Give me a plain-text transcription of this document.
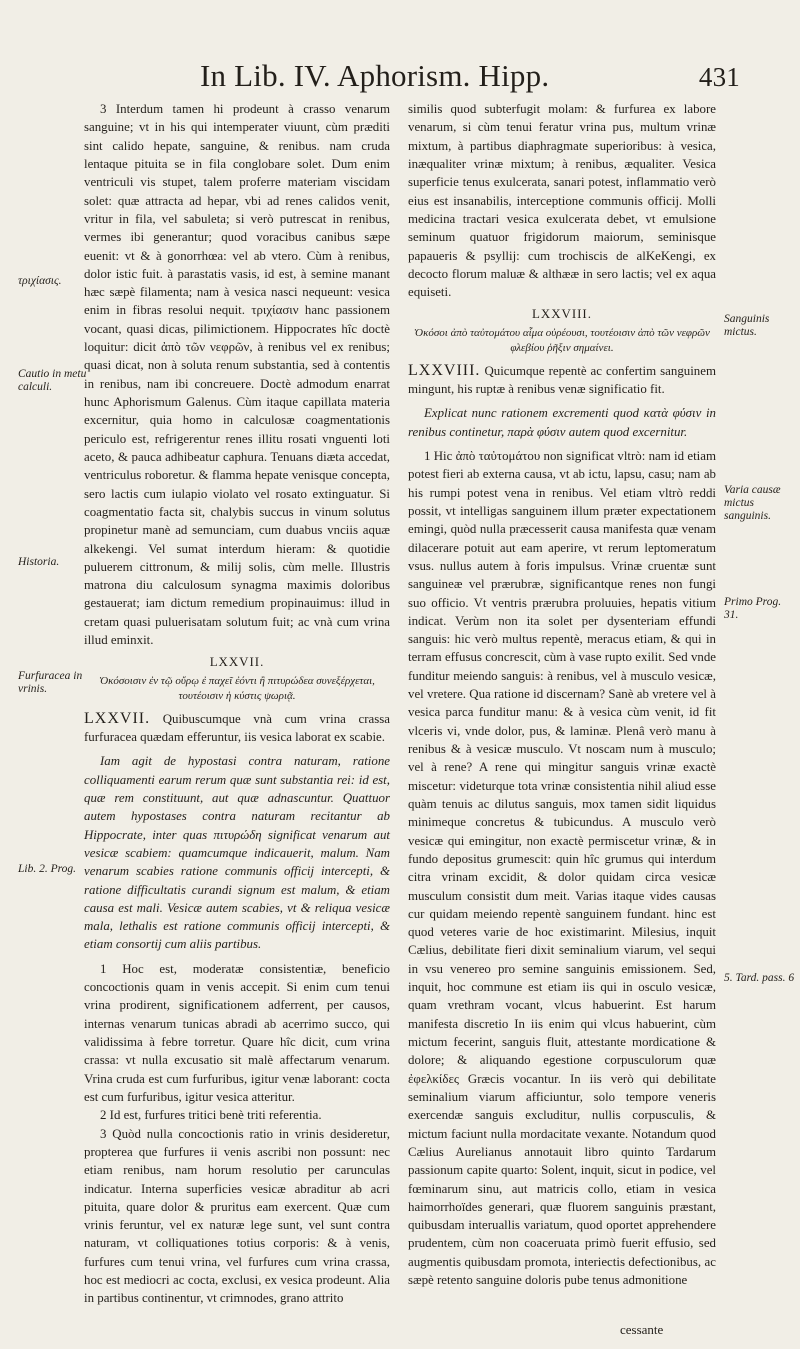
In Lib. IV. Aphorism. Hipp.	431

3 Interdum tamen hi prodeunt à crasso venarum sanguine; vt in his qui intemperater viuunt, cùm præditi sint calido hepate, sanguine, & renibus. nam cruda lentaque pituita se in fila conglobare solet. Dum enim ventriculi vis stupet, talem proferre materiam viscidam solet: quæ attracta ad hepar, vbi ad renes calidos venit, vritur in fila, vel sabuleta; si verò putrescat in renibus, vermes ibi generantur; quod voracibus canibus sæpe euenit: vt & à gonorrhœa: vel ab vtero. Cùm à renibus, dolor istic fuit. à parastatis vasis, id est, à semine manant hæc sæpè filamenta; nam à vesica nasci nequeunt: vesica enim in fibras resolui nequit. τριχίασιν hanc passionem vocant, quasi dicas, pilimictionem. Hippocrates hîc doctè loquitur: dicit ἀπὸ τῶν νεφρῶν, à renibus vel ex renibus; quasi dicat, non à soluta renum substantia, sed à contentis in renibus, nam ibi concreuere. Doctè admodum enarrat hunc Aphorismum Galenus. Cùm itaque capillata materia excernitur, quia homo in calculosæ coagmentationis periculo est, refrigerentur renes illitu rosati vnguenti loti aceto, & pauca adhibeatur caphura. Tenuans diæta accedat, ventriculus roboretur. & flamma hepate venisque concepta, sero lactis cum iulapio violato vel rosato extinguatur. Si coagmentatio facta sit, chalybis succus in vinum solutus propinetur manè ad semunciam, cum duabus vnciis aquæ alkekengi. Vel sumat interdum hieram: & quotidie puluerem cittronum, & milij solis, cùm melle. Illustris matrona diu calculosum synagma maximis doloribus gestauerat; iam dictum remedium propinauimus: illud in cretam quasi puluerisatam solutum fuit; ac vnà cum vrina illud eminxit.

LXXVII.

Ὁκόσοισιν ἐν τῷ οὔρῳ ἐ παχεῖ ἐόντι ἢ πιτυρώδεα συνεξέρχεται, τουτέοισιν ἡ κύστις ψωριᾷ.

LXXVII. Quibuscumque vnà cum vrina crassa furfuracea quædam efferuntur, iis vesica laborat ex scabie.

Iam agit de hypostasi contra naturam, ratione colliquamenti earum rerum quæ sunt substantia rei: id est, quæ rem constituunt, aut quæ adnascuntur. Quattuor autem hypostases contra naturam recitantur ab Hippocrate, inter quas πιτυρώδη significat venarum aut vesicæ scabiem: quamcumque indicauerit, malum. Nam venarum scabies ratione communis officij intercepti, & ratione difficultatis curandi signum est malum, & etiam causa est mali. Vesicæ autem scabies, vt & reliqua vesicæ mala, lethalis est ratione communis officij intercepti, & etiam consortij cum aliis partibus.

1 Hoc est, moderatæ consistentiæ, beneficio concoctionis quam in venis accepit. Si enim cum tenui vrina prodirent, significationem adferrent, per causos, internas venarum tunicas abradi ab acerrimo succo, qui validissima à febre torretur. Quare hîc dicit, cum vrina crassa: vt nulla excusatio sit malè affectarum venarum. Vrina cruda est cum furfuribus, igitur venæ laborant: cocta est cum furfuribus, igitur vesica atteritur.

2 Id est, furfures tritici benè triti referentia.

3 Quòd nulla concoctionis ratio in vrinis desideretur, propterea que furfures ii venis ascribi non possunt: nec etiam renibus, nam horum resolutio per carunculas indicatur. Interna superficies vesicæ abraditur ab acri pituita, quare dolor & pruritus eam exercent. Quæ cum vrinis feruntur, vel ex naturæ lege sunt, vel sunt contra naturam, vt colliquationes totius corporis: & à venis, furfures cum tenui vrina, vel furfures cum vrina crassa, hoc est mediocri ac cocta, exclusi, ex vesica prodeunt. Alia in partibus continentur, vt crimnodes, grano attrito

similis quod subterfugit molam: & furfurea ex labore venarum, si cùm tenui feratur vrina pus, multum vrinæ mixtum, à partibus diaphragmate superioribus: à vesica, inæqualiter vrinæ mixtum; à renibus, æqualiter. Vesica superficie tenus exulcerata, sanari potest, inflammatio verò eius est insanabilis, interceptione communis officij. Molli medicina tractari vesica exulcerata debet, vt emulsione seminum quatuor frigidorum maiorum, seminisque papaueris & psyllij: cum trochiscis de alKeKengi, ex decocto florum maluæ & althææ in sero lactis; vel ex aqua equiseti.

LXXVIII.

Ὁκόσοι ἀπὸ ταὐτομάτου αἷμα οὐρέουσι, τουτέοισιν ἀπὸ τῶν νεφρῶν φλεβίου ῥῆξιν σημαίνει.

LXXVIII. Quicumque repentè ac confertim sanguinem mingunt, his ruptæ à renibus venæ significatio fit.

Explicat nunc rationem excrementi quod κατὰ φύσιν in renibus continetur, παρὰ φύσιν autem quod excernitur.

1 Hic ἀπὸ ταὐτομάτου non significat vltrò: nam id etiam potest fieri ab externa causa, vt ab ictu, lapsu, casu; nam ab his rumpi potest vena in renibus. Vel etiam vltrò reddi possit, vt intelligas sanguinem illum præter expectationem emingi, quòd nulla præcesserit causa manifesta quæ venam dilacerare potuit aut eam aperire, vt rerum leptomeratum vsus. nullus autem à foris impulsus. Vrinæ cruentæ sunt sanguineæ vel prærubræ, significantque renes non fungi suo officio. Vt ventris prærubra proluuies, hepatis vitium indicat. Verùm non ita solet per dysenteriam effundi sanguis: hic verò multus repentè, meracus etiam, & qui in terram effusus concrescit, cùm à vase rupto exilit. Sed vnde funditur meiendo sanguis: à renibus, vel à musculo vesicæ, vel vretere. Qua ratione id discernam? Sanè ab vretere vel à vesica parca funditur manu: & à vesica cùm venit, id fit vlceris vi, vnde dolor, pus, & laminæ. Plenâ verò manu à renibus & à vesicæ musculo. Vt noscam num à musculo; vel à rene? A rene qui mingitur sanguis vrinæ exactè miscetur: videturque tota vrinæ consistentia nihil aliud esse quàm tenuis ac dilutus sanguis, mox tamen sidit liquidus minimeque concretus & tubicundus. A musculo verò vesicæ qui emingitur, non exactè permiscetur vrinæ, & in fundo depositus grumescit: quin hîc grumus qui interdum citra vrinam excidit, & dolor quidam circa vesicæ musculum consistit dum meit. Varias itaque vides causas cur quidam meiendo repentè sanguinem fundant. hinc est quod veteres varie de hoc existimarint. Milesius, inquit Cælius, debilitate fieri dixit seminalium viarum, vel sequi in vsu venereo pro semine sanguinis emissionem. Sed, inquit, hoc commune est etiam iis qui in osculo vesicæ, quam vrethram vocant, vlcus habuerint. Est harum manifesta discretio In iis enim qui vlcus habuerint, cùm mictum fecerint, sanguis fluit, attestante mordicatione & dolore; & aliquando egestione corpusculorum quæ ἐφελκίδες Græcis vocantur. In iis verò qui debilitate seminalium viarum afficiuntur, solo tempore veneris exercendæ sanguis excluditur, nullis corpusculis, & mictum faciunt nulla mordacitate vexante. Notandum quod Cælius Aurelianus annotauit libro quinto Tardarum passionum capite quarto: Solent, inquit, sicut in podice, vel fœminarum sinu, aut matricis collo, etiam in vesica haimorrhoïdes generari, quæ fluorem sanguinis præstant, quibusdam interuallis variatum, quod oportet apprehendere prudentem, cùm non coaceruata primò fuerit effusio, sed augmentis quibusdam promota, interiectis defectionibus, ac sæpè retento sanguine doloris pube tenus admonitione

cessante
τριχίασις.
Cautio in metu calculi.
Historia.
Furfuracea in vrinis.
Lib. 2. Prog.
Sanguinis mictus.
Varia causæ mictus sanguinis.
Primo Prog. 31.
5. Tard. pass. 6
